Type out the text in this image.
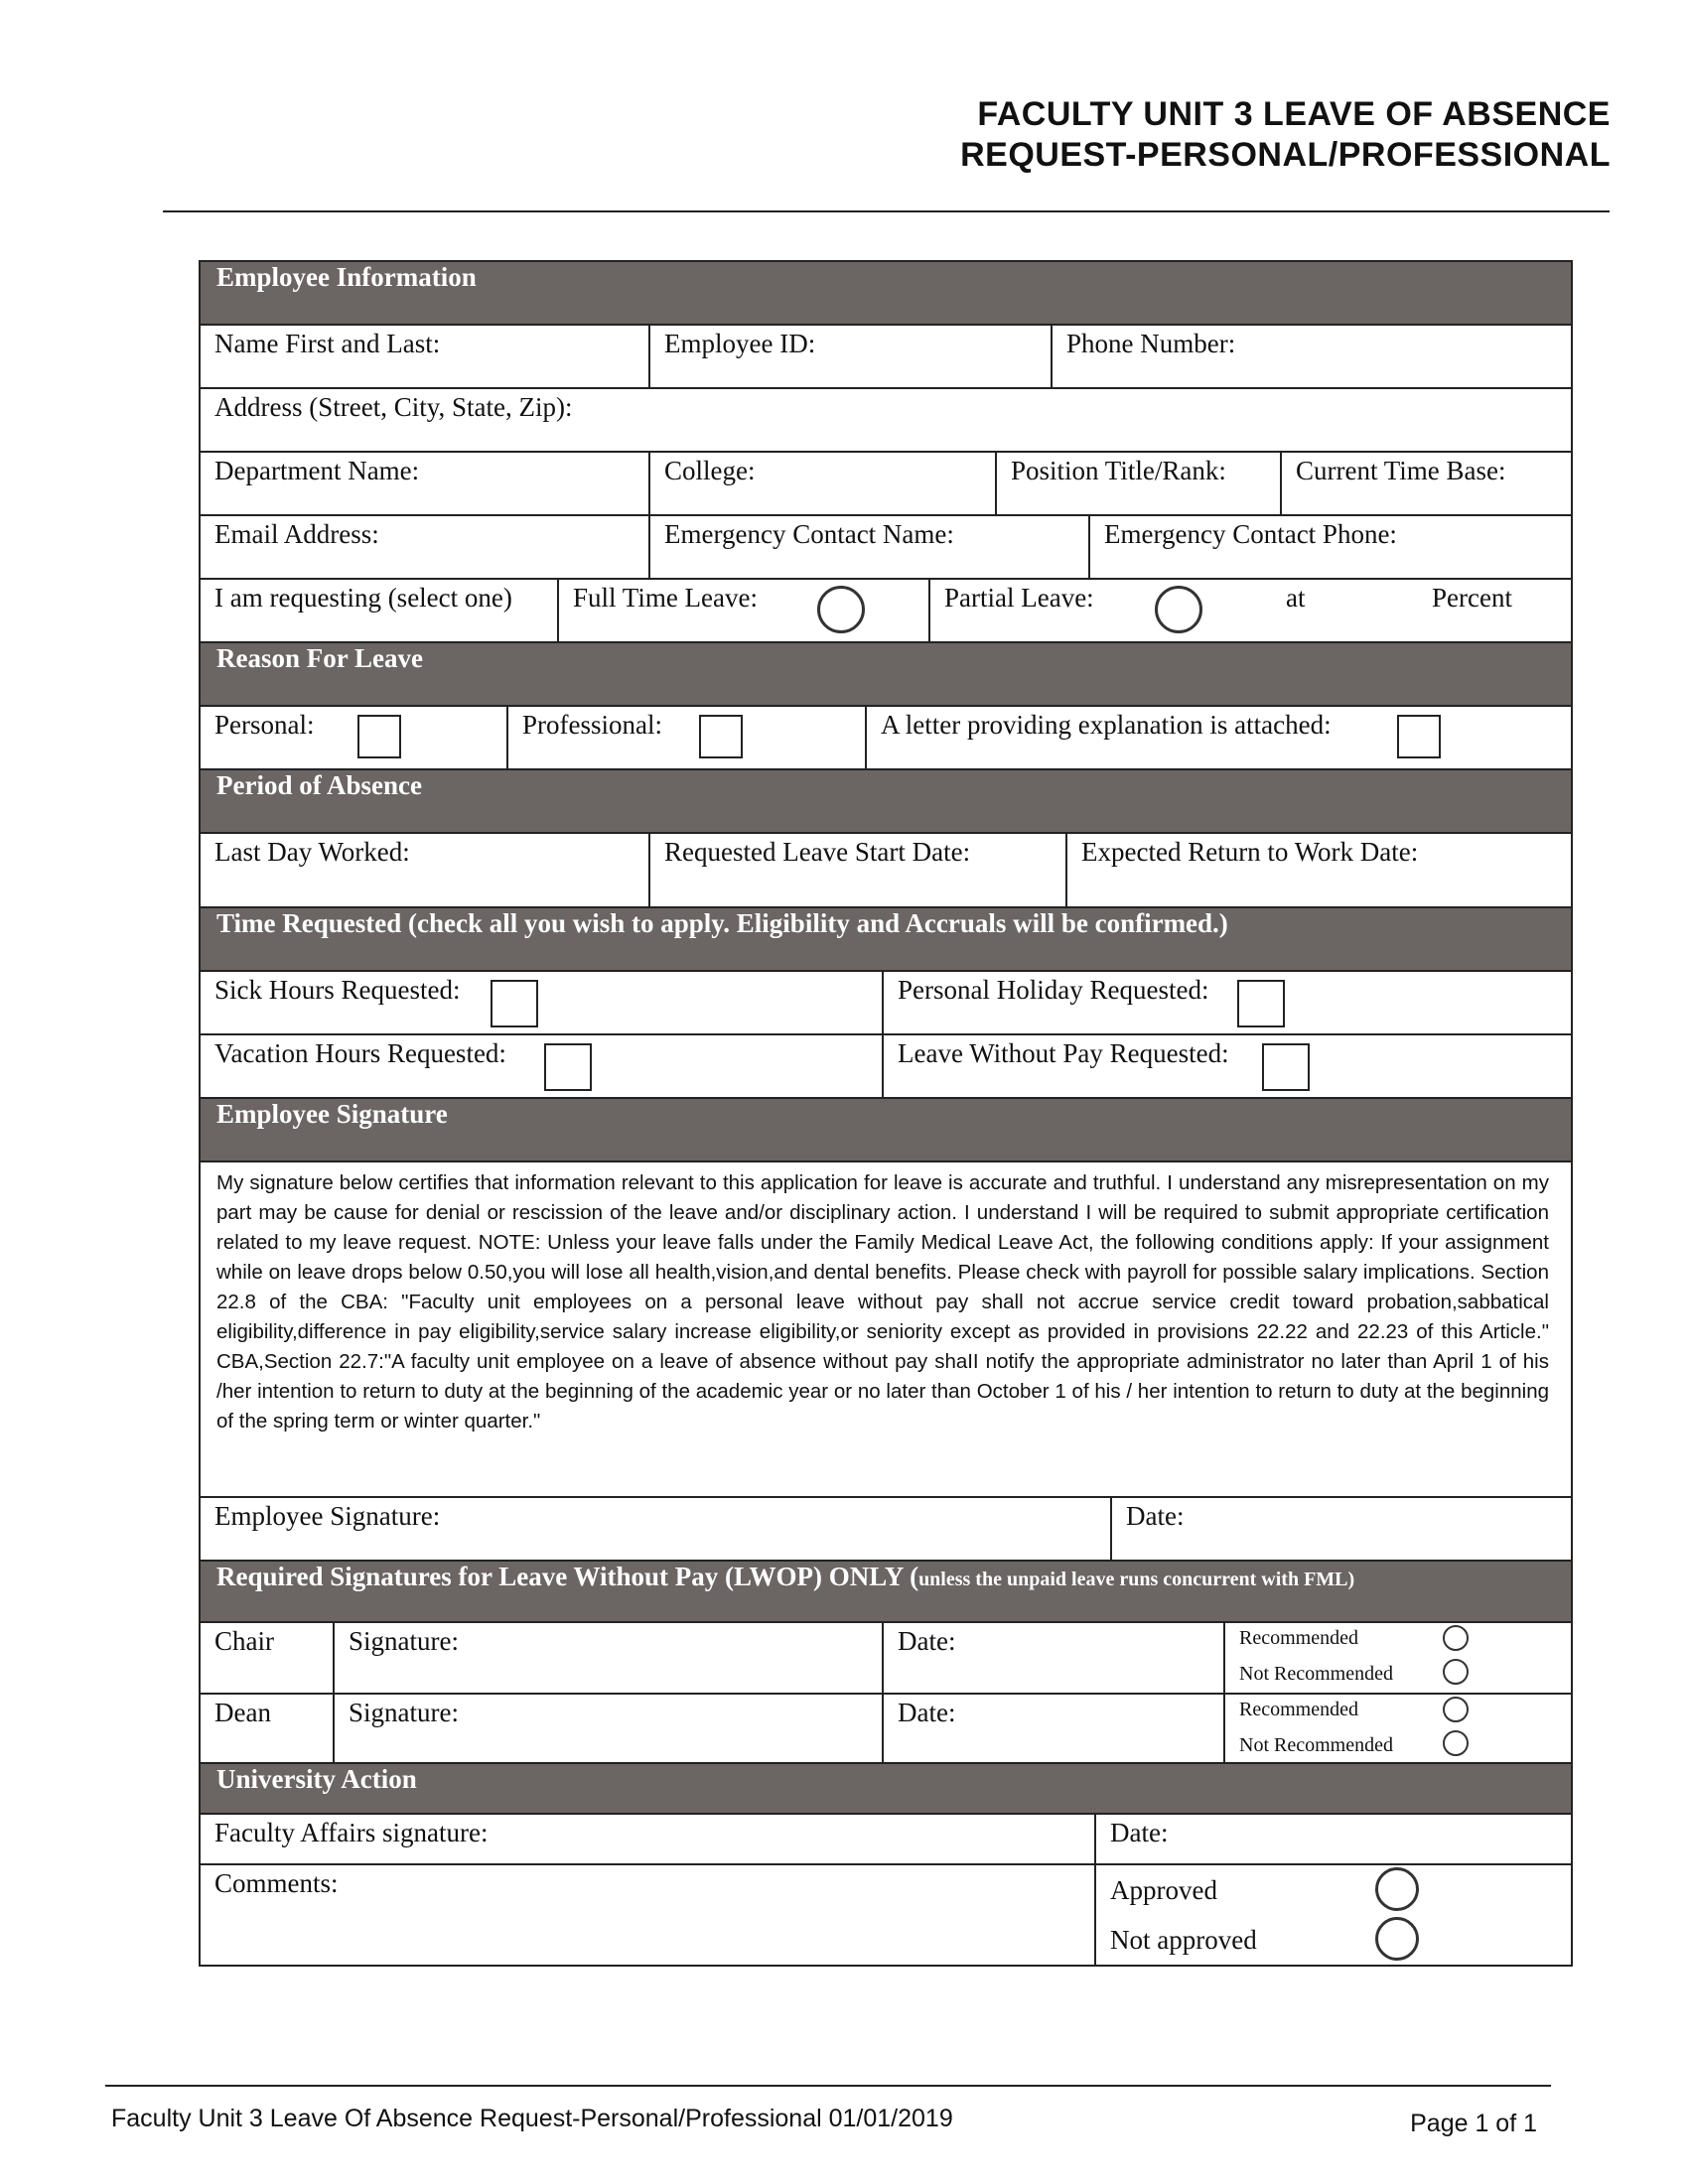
FACULTY UNIT 3 LEAVE OF ABSENCE
REQUEST-PERSONAL/PROFESSIONAL
Employee Information
Name First and Last:	Employee ID:	Phone Number:
Address (Street, City, State, Zip):
Department Name:	College:	Position Title/Rank:	Current Time Base:
Email Address:	Emergency Contact Name:	Emergency Contact Phone:
I am requesting (select one)	Full Time Leave:	Partial Leave:	at	Percent
Reason For Leave
Personal:	Professional:	A letter providing explanation is attached:
Period of Absence
Last Day Worked:	Requested Leave Start Date:	Expected Return to Work Date:
Time Requested (check all you wish to apply. Eligibility and Accruals will be confirmed.)
Sick Hours Requested:	Personal Holiday Requested:
Vacation Hours Requested:	Leave Without Pay Requested:
Employee Signature
My signature below certifies that information relevant to this application for leave is accurate and truthful. I understand any misrepresentation on my part may be cause for denial or rescission of the leave and/or disciplinary action. I understand I will be required to submit appropriate certification related to my leave request. NOTE: Unless your leave falls under the Family Medical Leave Act, the following conditions apply: If your assignment while on leave drops below 0.50,you will lose all health,vision,and dental benefits. Please check with payroll for possible salary implications. Section 22.8 of the CBA: "Faculty unit employees on a personal leave without pay shall not accrue service credit toward probation,sabbatical eligibility,difference in pay eligibility,service salary increase eligibility,or seniority except as provided in provisions 22.22 and 22.23 of this Article." CBA,Section 22.7:"A faculty unit employee on a leave of absence without pay shaII notify the appropriate administrator no later than April 1 of his /her intention to return to duty at the beginning of the academic year or no later than October 1 of his / her intention to return to duty at the beginning of the spring term or winter quarter."
Employee Signature:	Date:
Required Signatures for Leave Without Pay (LWOP) ONLY (unless the unpaid leave runs concurrent with FML)
Chair	Signature:	Date:	Recommended
Not Recommended
Dean	Signature:	Date:	Recommended
Not Recommended
University Action
Faculty Affairs signature:	Date:
Comments:	Approved
Not approved
Faculty Unit 3 Leave Of Absence Request-Personal/Professional 01/01/2019	Page 1 of 1
